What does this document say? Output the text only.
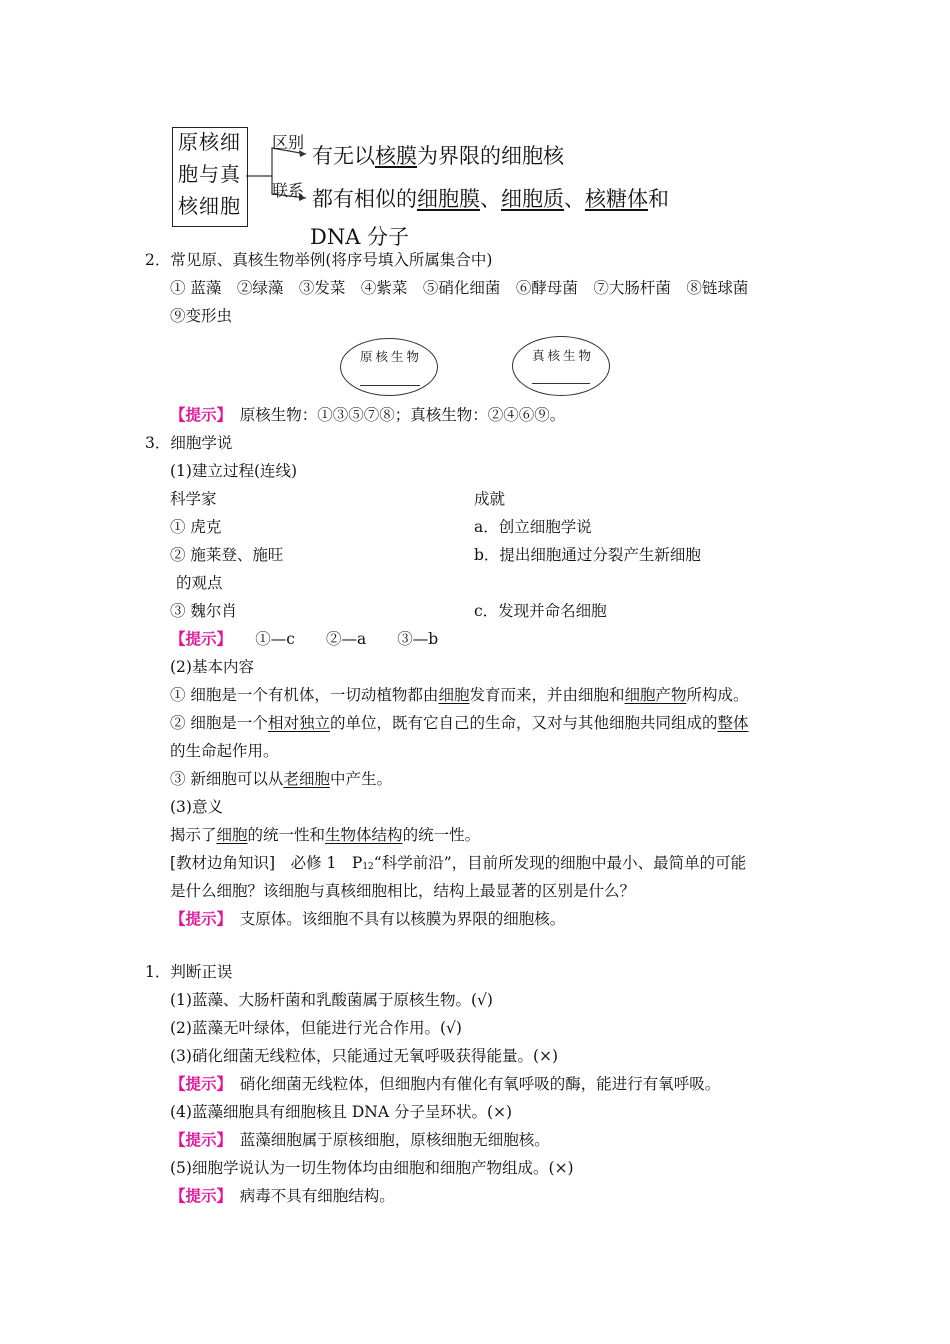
原核细
胞与真
核细胞
区别
联系
有无以核膜为界限的细胞核
都有相似的细胞膜、细胞质、核糖体和
DNA 分子
2．常见原、真核生物举例(将序号填入所属集合中)
① 蓝藻　②绿藻　③发菜　④紫菜　⑤硝化细菌　⑥酵母菌　⑦大肠杆菌　⑧链球菌
⑨变形虫
原核生物	真核生物
【提示】　 原核生物：①③⑤⑦⑧；真核生物：②④⑥⑨。
3．细胞学说
(1)建立过程(连线)
科学家	成就
① 虎克	a．创立细胞学说
② 施莱登、施旺	b．提出细胞通过分裂产生新细胞
的观点
③ 魏尔肖	c．发现并命名细胞
【提示】　　 ①—c　　②—a　　③—b
(2)基本内容
① 细胞是一个有机体，一切动植物都由细胞发育而来，并由细胞和细胞产物所构成。
② 细胞是一个相对独立的单位，既有它自己的生命，又对与其他细胞共同组成的整体
的生命起作用。
③ 新细胞可以从老细胞中产生。
(3)意义
揭示了细胞的统一性和生物体结构的统一性。
[教材边角知识]　必修 1　$P_{12}“$科学前沿”，目前所发现的细胞中最小、最简单的可能
是什么细胞？该细胞与真核细胞相比，结构上最显著的区别是什么？
【提示】　 支原体。该细胞不具有以核膜为界限的细胞核。
1．判断正误
(1)蓝藻、大肠杆菌和乳酸菌属于原核生物。(√)
(2)蓝藻无叶绿体，但能进行光合作用。(√)
(3)硝化细菌无线粒体，只能通过无氧呼吸获得能量。(×)
【提示】　 硝化细菌无线粒体，但细胞内有催化有氧呼吸的酶，能进行有氧呼吸。
(4)蓝藻细胞具有细胞核且 DNA 分子呈环状。(×)
【提示】　 蓝藻细胞属于原核细胞，原核细胞无细胞核。
(5)细胞学说认为一切生物体均由细胞和细胞产物组成。(×)
【提示】　 病毒不具有细胞结构。
